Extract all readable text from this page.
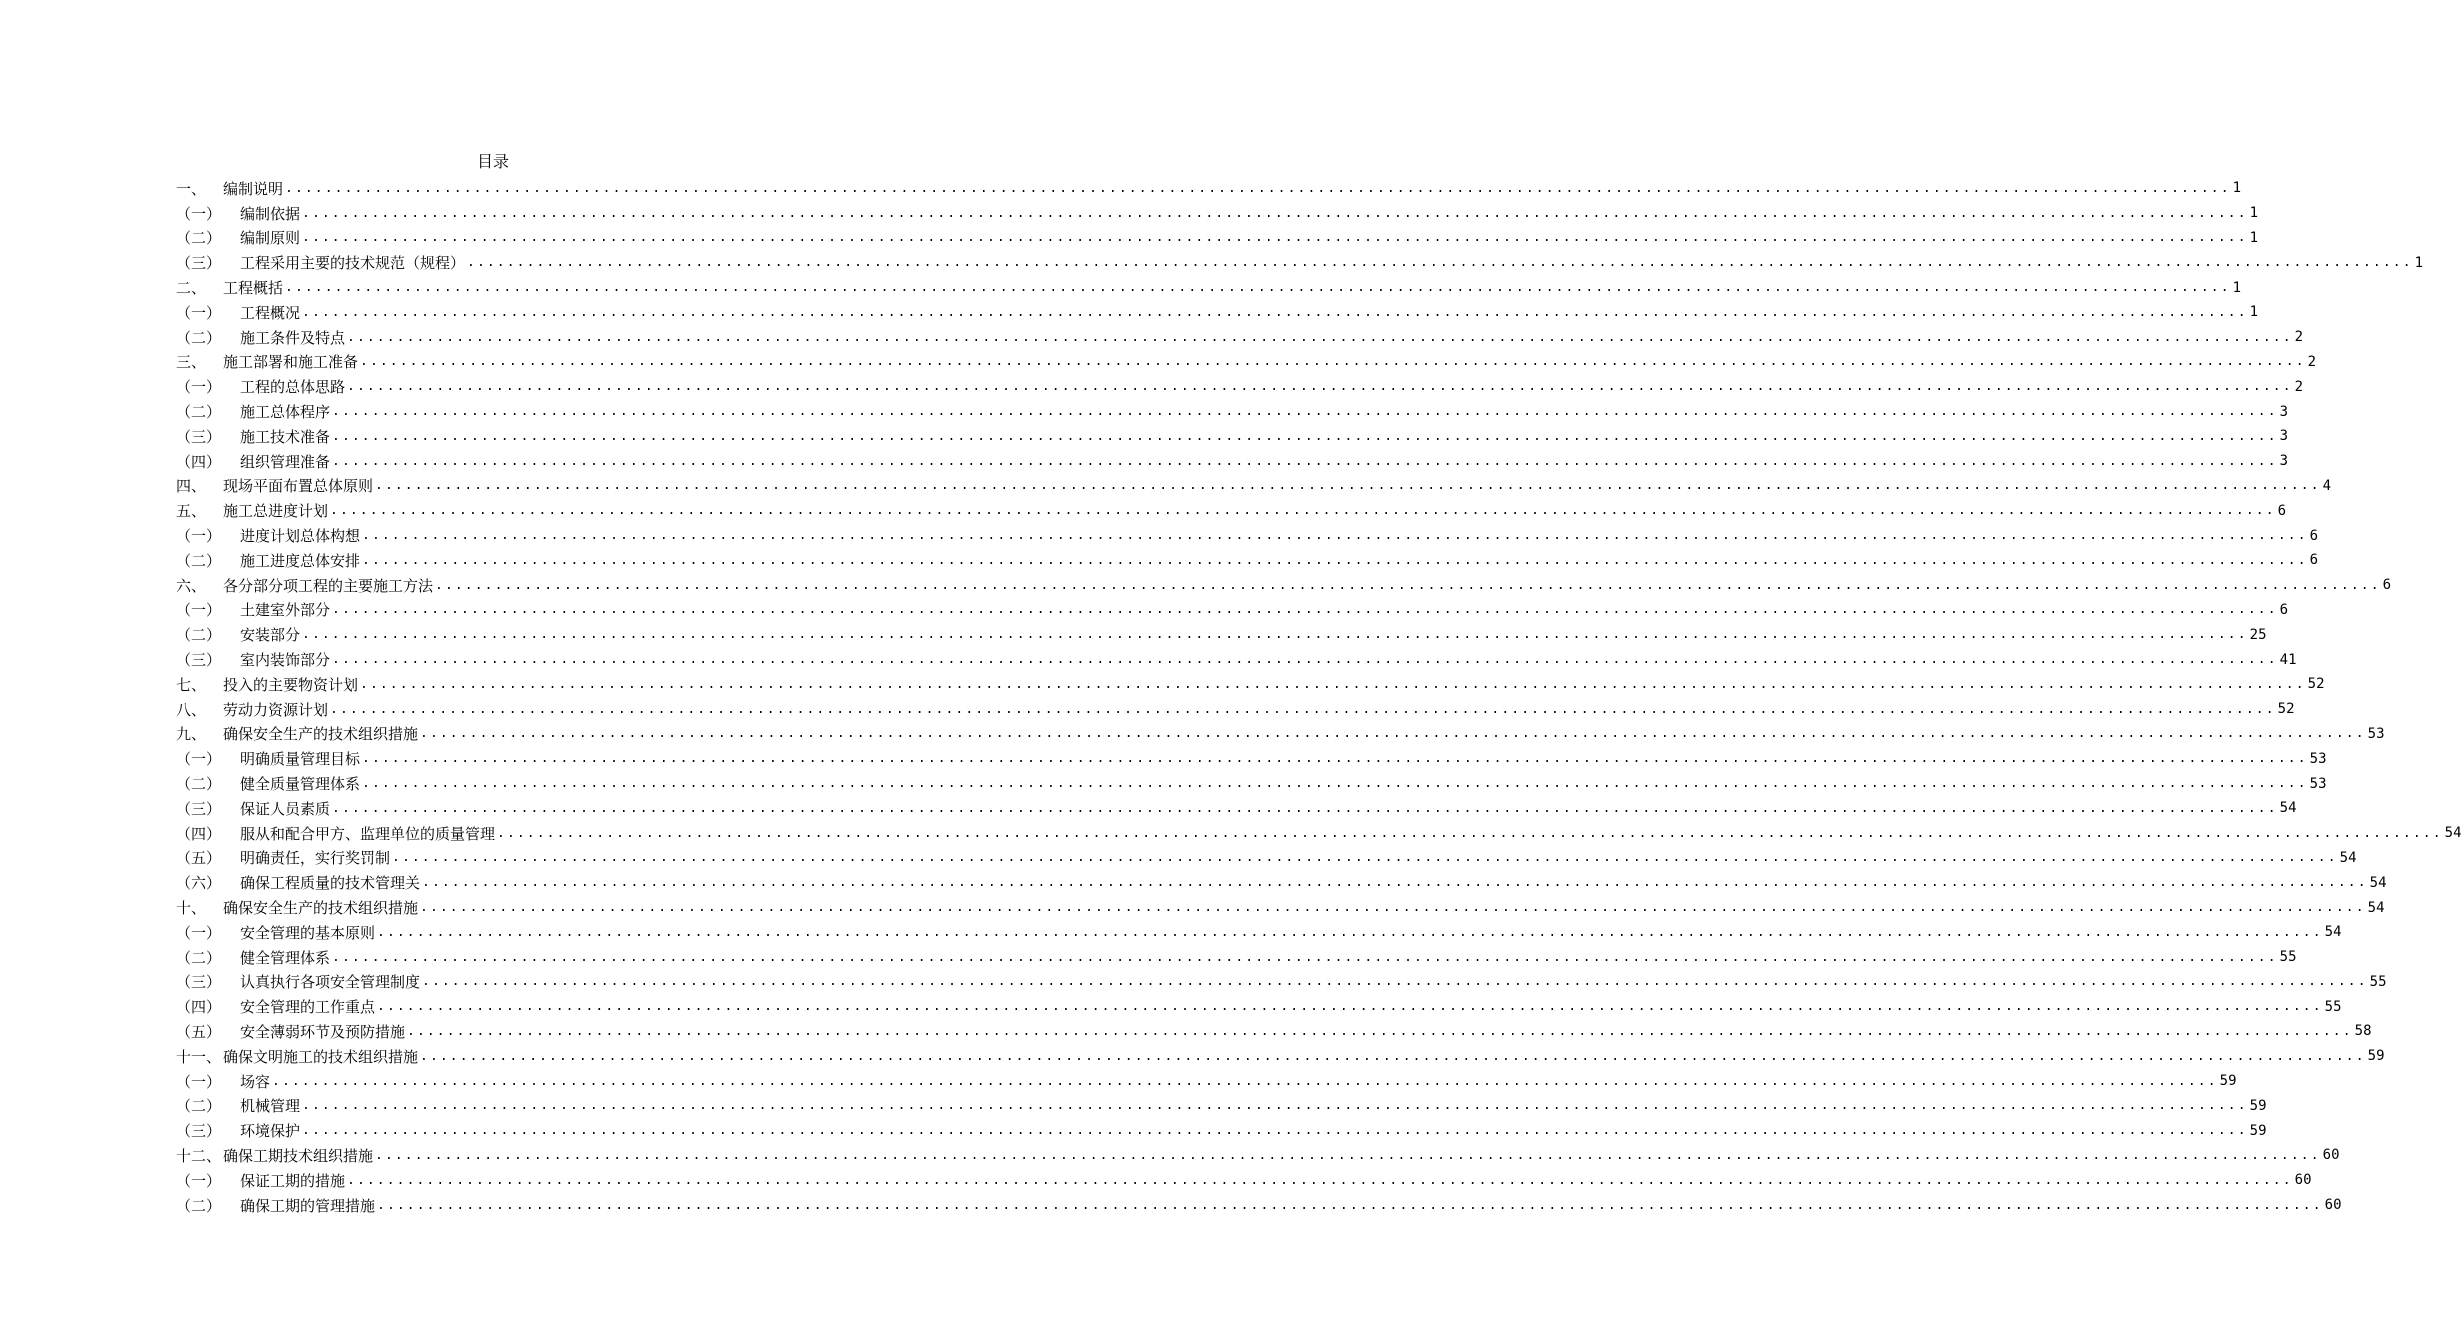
目录
一、	编制说明 .................................................................................................................................................................................................... 1
（一）	编制依据 .................................................................................................................................................................................................... 1
（二）	编制原则 .................................................................................................................................................................................................... 1
（三）	工程采用主要的技术规范（规程） .................................................................................................................................................................................................... 1
二、	工程概括 .................................................................................................................................................................................................... 1
（一）	工程概况 .................................................................................................................................................................................................... 1
（二）	施工条件及特点 .................................................................................................................................................................................................... 2
三、	施工部署和施工准备 .................................................................................................................................................................................................... 2
（一）	工程的总体思路 .................................................................................................................................................................................................... 2
（二）	施工总体程序 .................................................................................................................................................................................................... 3
（三）	施工技术准备 .................................................................................................................................................................................................... 3
（四）	组织管理准备 .................................................................................................................................................................................................... 3
四、	现场平面布置总体原则 .................................................................................................................................................................................................... 4
五、	施工总进度计划 .................................................................................................................................................................................................... 6
（一）	进度计划总体构想 .................................................................................................................................................................................................... 6
（二）	施工进度总体安排 .................................................................................................................................................................................................... 6
六、	各分部分项工程的主要施工方法 .................................................................................................................................................................................................... 6
（一）	土建室外部分 .................................................................................................................................................................................................... 6
（二）	安装部分 .................................................................................................................................................................................................... 25
（三）	室内装饰部分 .................................................................................................................................................................................................... 41
七、	投入的主要物资计划 .................................................................................................................................................................................................... 52
八、	劳动力资源计划 .................................................................................................................................................................................................... 52
九、	确保安全生产的技术组织措施 .................................................................................................................................................................................................... 53
（一）	明确质量管理目标 .................................................................................................................................................................................................... 53
（二）	健全质量管理体系 .................................................................................................................................................................................................... 53
（三）	保证人员素质 .................................................................................................................................................................................................... 54
（四）	服从和配合甲方、监理单位的质量管理 .................................................................................................................................................................................................... 54
（五）	明确责任，实行奖罚制 .................................................................................................................................................................................................... 54
（六）	确保工程质量的技术管理关 .................................................................................................................................................................................................... 54
十、	确保安全生产的技术组织措施 .................................................................................................................................................................................................... 54
（一）	安全管理的基本原则 .................................................................................................................................................................................................... 54
（二）	健全管理体系 .................................................................................................................................................................................................... 55
（三）	认真执行各项安全管理制度 .................................................................................................................................................................................................... 55
（四）	安全管理的工作重点 .................................................................................................................................................................................................... 55
（五）	安全薄弱环节及预防措施 .................................................................................................................................................................................................... 58
十一、 确保文明施工的技术组织措施 .................................................................................................................................................................................................... 59
（一）	场容 .................................................................................................................................................................................................... 59
（二）	机械管理 .................................................................................................................................................................................................... 59
（三）	环境保护 .................................................................................................................................................................................................... 59
十二、 确保工期技术组织措施 .................................................................................................................................................................................................... 60
（一）	保证工期的措施 .................................................................................................................................................................................................... 60
（二）	确保工期的管理措施 .................................................................................................................................................................................................... 60
